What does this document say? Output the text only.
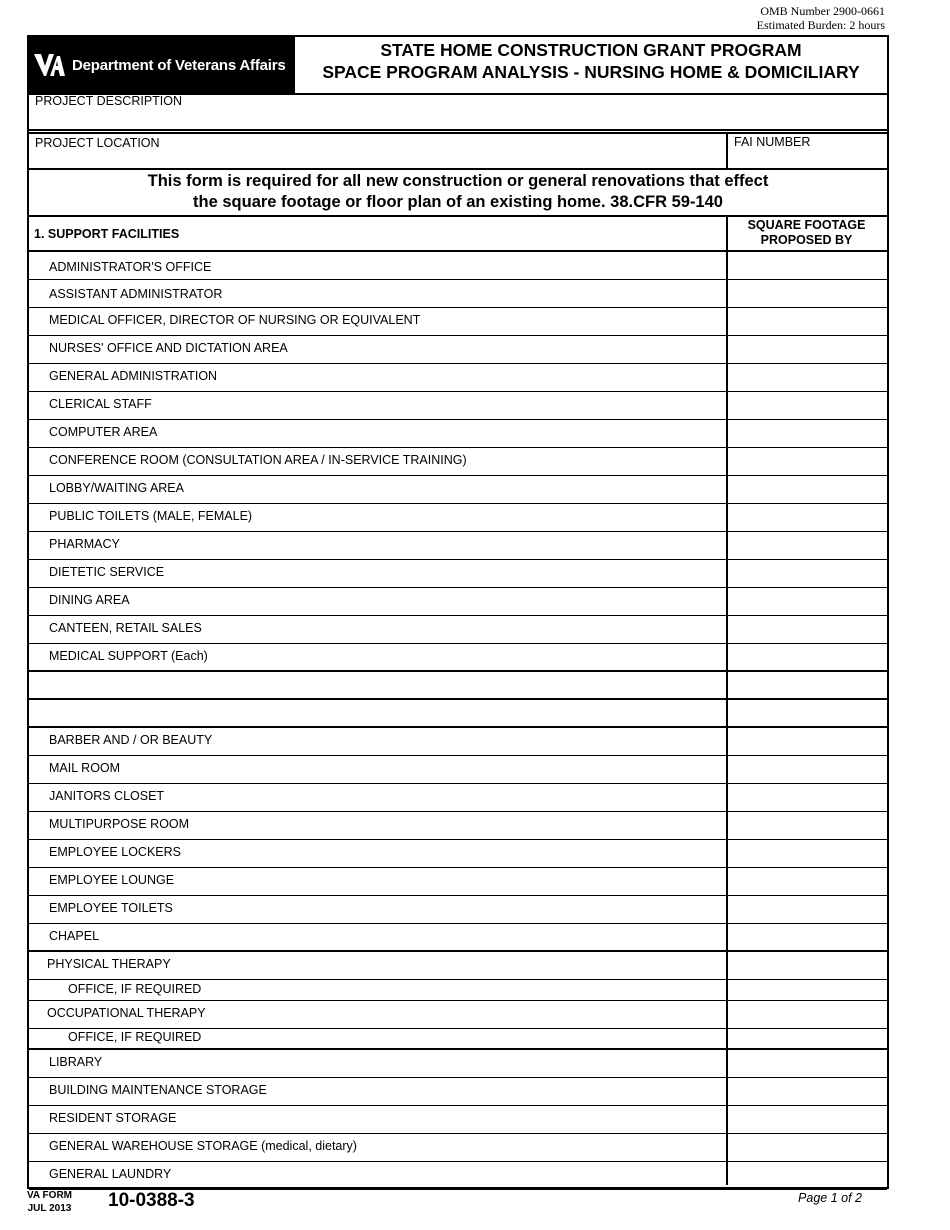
OMB Number 2900-0661
Estimated Burden: 2 hours
Department of Veterans Affairs
STATE HOME CONSTRUCTION GRANT PROGRAM
SPACE PROGRAM ANALYSIS - NURSING HOME & DOMICILIARY
PROJECT DESCRIPTION
PROJECT LOCATION	FAI NUMBER
This form is required for all new construction or general renovations that effect
the square footage or floor plan of an existing home. 38.CFR 59-140
1. SUPPORT FACILITIES
SQUARE FOOTAGE
PROPOSED BY
ADMINISTRATOR'S OFFICE
ASSISTANT ADMINISTRATOR
MEDICAL OFFICER, DIRECTOR OF NURSING OR EQUIVALENT
NURSES' OFFICE AND DICTATION AREA
GENERAL ADMINISTRATION
CLERICAL STAFF
COMPUTER AREA
CONFERENCE ROOM (CONSULTATION AREA / IN-SERVICE TRAINING)
LOBBY/WAITING AREA
PUBLIC TOILETS (MALE, FEMALE)
PHARMACY
DIETETIC SERVICE
DINING AREA
CANTEEN, RETAIL SALES
MEDICAL SUPPORT (Each)
BARBER AND / OR BEAUTY
MAIL ROOM
JANITORS CLOSET
MULTIPURPOSE ROOM
EMPLOYEE LOCKERS
EMPLOYEE LOUNGE
EMPLOYEE TOILETS
CHAPEL
PHYSICAL THERAPY
OFFICE, IF REQUIRED
OCCUPATIONAL THERAPY
OFFICE, IF REQUIRED
LIBRARY
BUILDING MAINTENANCE STORAGE
RESIDENT STORAGE
GENERAL WAREHOUSE STORAGE (medical, dietary)
GENERAL LAUNDRY
VA FORM
JUL 2013 10-0388-3	Page 1 of 2
